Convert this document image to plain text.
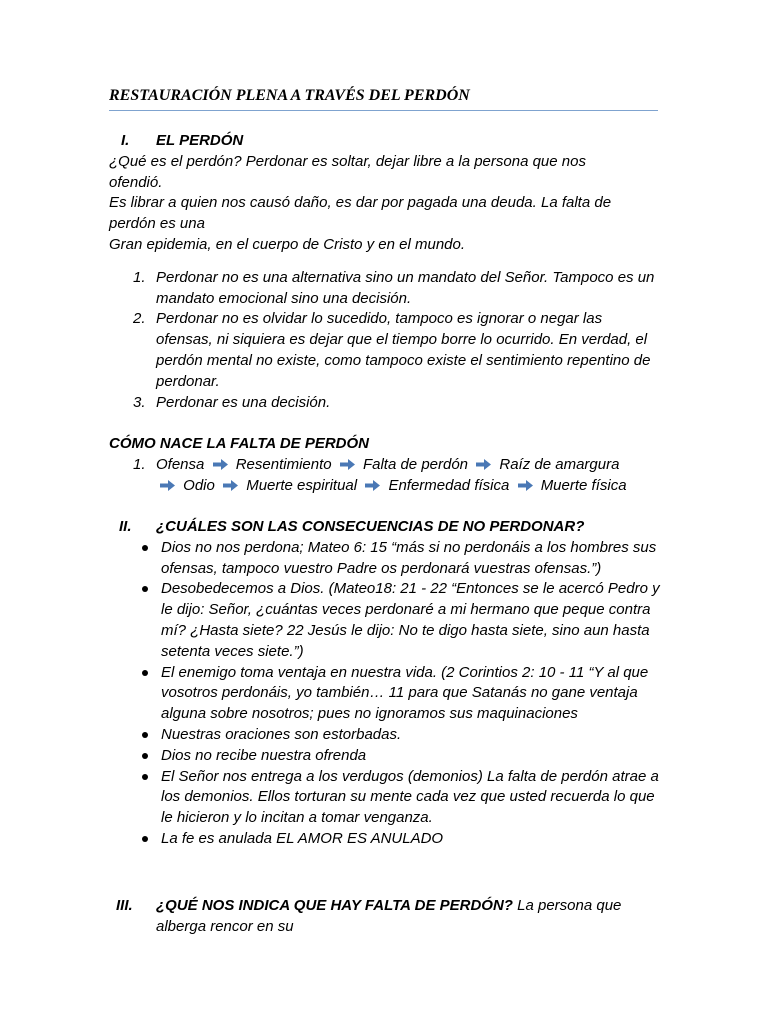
RESTAURACIÓN PLENA A TRAVÉS DEL PERDÓN
I.	EL PERDÓN
¿Qué es el perdón? Perdonar es soltar, dejar libre a la persona que nos
ofendió.
Es librar a quien nos causó daño, es dar por pagada una deuda. La falta de
perdón es una
Gran epidemia, en el cuerpo de Cristo y en el mundo.
1. Perdonar no es una alternativa sino un mandato del Señor. Tampoco es un mandato emocional sino una decisión.
2. Perdonar no es olvidar lo sucedido, tampoco es ignorar o negar las ofensas, ni siquiera es dejar que el tiempo borre lo ocurrido. En verdad, el perdón mental no existe, como tampoco existe el sentimiento repentino de perdonar.
3. Perdonar es una decisión.
CÓMO NACE LA FALTA DE PERDÓN
1. Ofensa Resentimiento Falta de perdón Raíz de amargura
Odio Muerte espiritual Enfermedad física Muerte física
II.	¿CUÁLES SON LAS CONSECUENCIAS DE NO PERDONAR?
Dios no nos perdona; Mateo 6: 15 “más si no perdonáis a los hombres sus ofensas, tampoco vuestro Padre os perdonará vuestras ofensas.”)
Desobedecemos a Dios. (Mateo18: 21 - 22 “Entonces se le acercó Pedro y le dijo: Señor, ¿cuántas veces perdonaré a mi hermano que peque contra mí? ¿Hasta siete? 22 Jesús le dijo: No te digo hasta siete, sino aun hasta setenta veces siete.”)
El enemigo toma ventaja en nuestra vida. (2 Corintios 2: 10 - 11 “Y al que vosotros perdonáis, yo también… 11 para que Satanás no gane ventaja alguna sobre nosotros; pues no ignoramos sus maquinaciones
Nuestras oraciones son estorbadas.
Dios no recibe nuestra ofrenda
El Señor nos entrega a los verdugos (demonios) La falta de perdón atrae a los demonios. Ellos torturan su mente cada vez que usted recuerda lo que le hicieron y lo incitan a tomar venganza.
La fe es anulada EL AMOR ES ANULADO
III. ¿QUÉ NOS INDICA QUE HAY FALTA DE PERDÓN? La persona que
alberga rencor en su
